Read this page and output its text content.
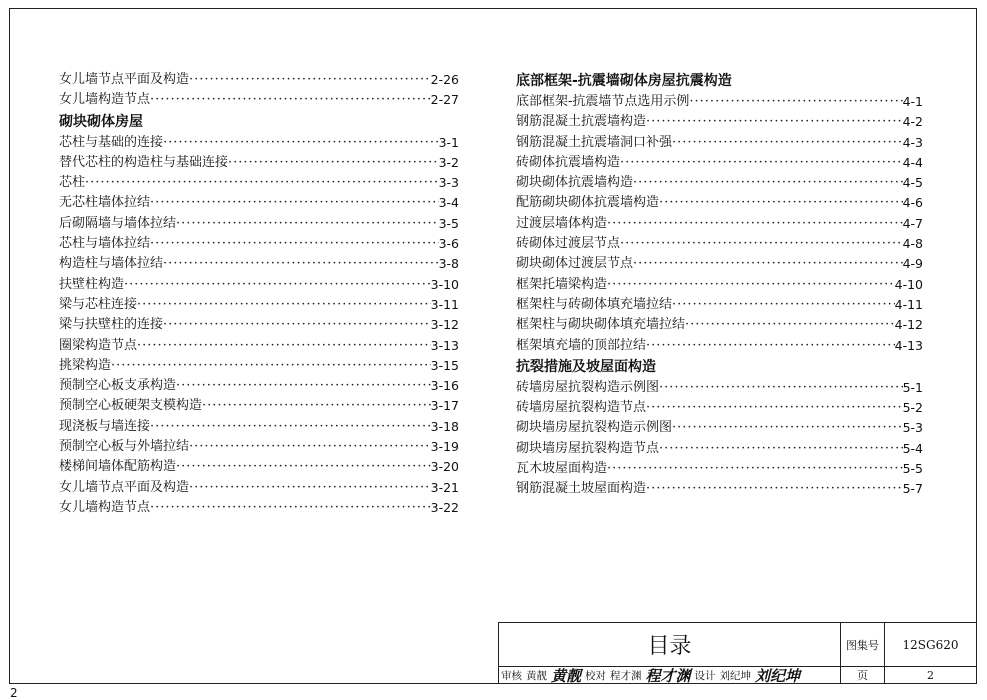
女儿墙节点平面及构造 ·····	2-26
女儿墙构造节点 ·····	2-27
砌块砌体房屋
芯柱与基础的连接 ·····	3-1
替代芯柱的构造柱与基础连接 ·····	3-2
芯柱 ·····	3-3
无芯柱墙体拉结 ·····	3-4
后砌隔墙与墙体拉结 ·····	3-5
芯柱与墙体拉结 ·····	3-6
构造柱与墙体拉结 ·····	3-8
扶壁柱构造 ·····	3-10
梁与芯柱连接 ·····	3-11
梁与扶壁柱的连接 ·····	3-12
圈梁构造节点 ·····	3-13
挑梁构造 ·····	3-15
预制空心板支承构造 ·····	3-16
预制空心板硬架支模构造 ·····	3-17
现浇板与墙连接 ·····	3-18
预制空心板与外墙拉结 ·····	3-19
楼梯间墙体配筋构造 ·····	3-20
女儿墙节点平面及构造 ·····	3-21
女儿墙构造节点 ·····	3-22
底部框架-抗震墙砌体房屋抗震构造
底部框架-抗震墙节点选用示例 ·····	4-1
钢筋混凝土抗震墙构造 ·····	4-2
钢筋混凝土抗震墙洞口补强 ·····	4-3
砖砌体抗震墙构造 ·····	4-4
砌块砌体抗震墙构造 ·····	4-5
配筋砌块砌体抗震墙构造 ·····	4-6
过渡层墙体构造 ·····	4-7
砖砌体过渡层节点 ·····	4-8
砌块砌体过渡层节点 ·····	4-9
框架托墙梁构造 ·····	4-10
框架柱与砖砌体填充墙拉结 ·····	4-11
框架柱与砌块砌体填充墙拉结 ·····	4-12
框架填充墙的顶部拉结 ·····	4-13
抗裂措施及坡屋面构造
砖墙房屋抗裂构造示例图 ·····	5-1
砖墙房屋抗裂构造节点 ·····	5-2
砌块墙房屋抗裂构造示例图 ·····	5-3
砌块墙房屋抗裂构造节点 ·····	5-4
瓦木坡屋面构造 ·····	5-5
钢筋混凝土坡屋面构造 ·····	5-7
目录	图集号	12SG620
页	2
审核 黄靓 黄靓 校对 程才渊 程才渊 设计 刘纪坤 刘纪坤
2
